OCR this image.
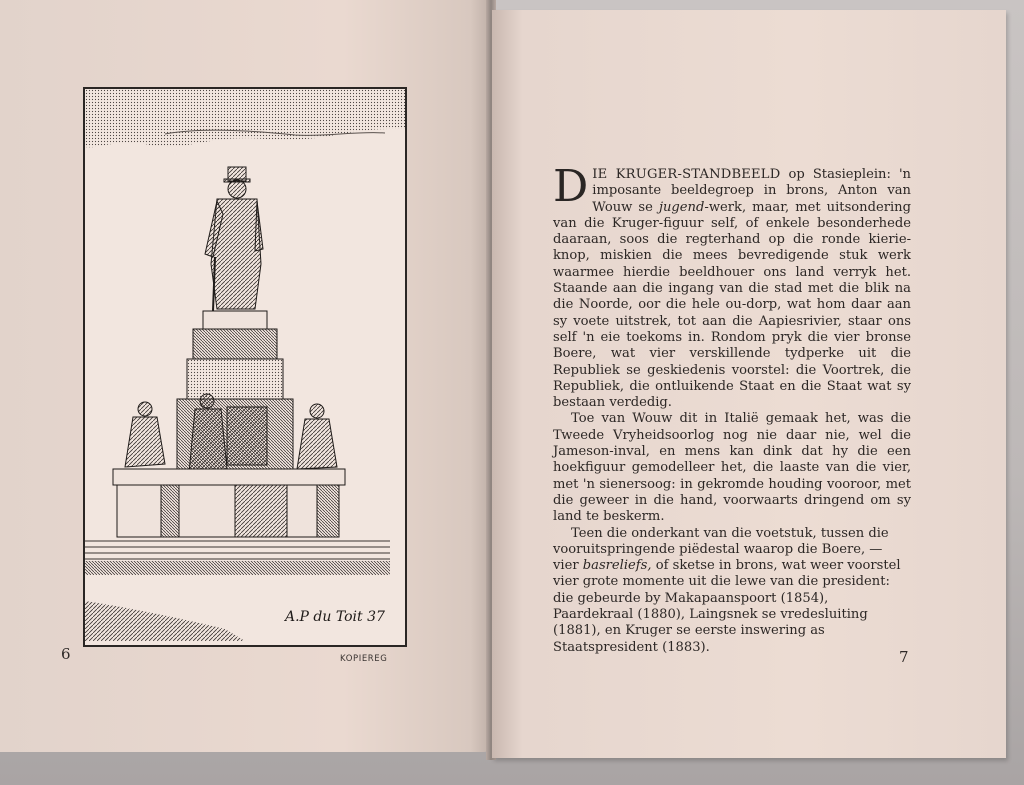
A.P du Toit 37
6	KOPIEREG

DIE KRUGER-STANDBEELD op Stasieplein: 'n imposante beeldegroep in brons, Anton van Wouw se jugend-werk, maar, met uitsondering van die Kruger-figuur self, of enkele besonderhede daaraan, soos die regterhand op die ronde kierie-knop, miskien die mees bevredigende stuk werk waarmee hierdie beeldhouer ons land verryk het. Staande aan die ingang van die stad met die blik na die Noorde, oor die hele ou-dorp, wat hom daar aan sy voete uitstrek, tot aan die Aapiesrivier, staar ons self 'n eie toekoms in. Rondom pryk die vier bronse Boere, wat vier verskillende tydperke uit die Republiek se geskiedenis voorstel: die Voortrek, die Republiek, die ontluikende Staat en die Staat wat sy bestaan verdedig.

Toe van Wouw dit in Italië gemaak het, was die Tweede Vryheidsoorlog nog nie daar nie, wel die Jameson-inval, en mens kan dink dat hy die een hoekfiguur gemodelleer het, die laaste van die vier, met 'n sienersoog: in gekromde houding vooroor, met die geweer in die hand, voorwaarts dringend om sy land te beskerm.

Teen die onderkant van die voetstuk, tussen die vooruitspringende piëdestal waarop die Boere, — vier basreliefs, of sketse in brons, wat weer voorstel vier grote momente uit die lewe van die president: die gebeurde by Makapaanspoort (1854), Paardekraal (1880), Laingsnek se vredesluiting (1881), en Kruger se eerste inswering as Staatspresident (1883).

7
